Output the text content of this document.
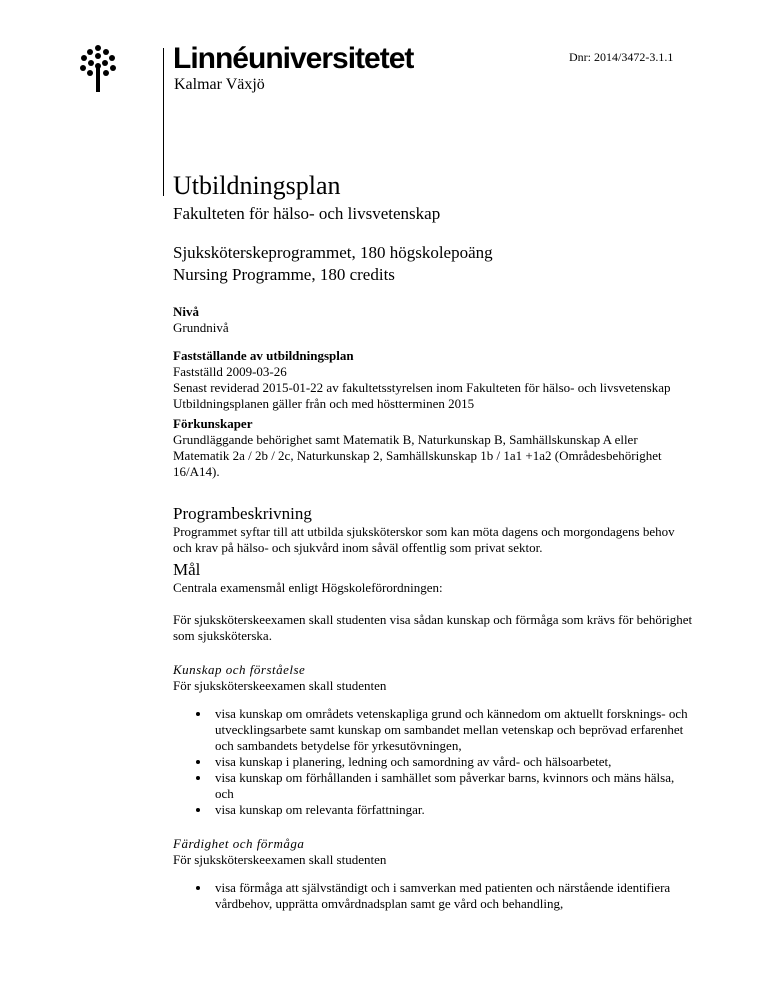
Linnéuniversitetet
Kalmar Växjö
Dnr: 2014/3472-3.1.1
Utbildningsplan
Fakulteten för hälso- och livsvetenskap
Sjuksköterskeprogrammet, 180 högskolepoäng
Nursing Programme, 180 credits
Nivå
Grundnivå
Fastställande av utbildningsplan
Fastställd 2009-03-26
Senast reviderad 2015-01-22 av fakultetsstyrelsen inom Fakulteten för hälso- och livsvetenskap
Utbildningsplanen gäller från och med höstterminen 2015
Förkunskaper
Grundläggande behörighet samt Matematik B, Naturkunskap B, Samhällskunskap A eller Matematik 2a / 2b / 2c, Naturkunskap 2, Samhällskunskap 1b / 1a1 +1a2 (Områdesbehörighet 16/A14).
Programbeskrivning
Programmet syftar till att utbilda sjuksköterskor som kan möta dagens och morgondagens behov och krav på hälso- och sjukvård inom såväl offentlig som privat sektor.
Mål
Centrala examensmål enligt Högskoleförordningen:
För sjuksköterskeexamen skall studenten visa sådan kunskap och förmåga som krävs för behörighet som sjuksköterska.
Kunskap och förståelse
För sjuksköterskeexamen skall studenten
• visa kunskap om områdets vetenskapliga grund och kännedom om aktuellt forsknings- och utvecklingsarbete samt kunskap om sambandet mellan vetenskap och beprövad erfarenhet och sambandets betydelse för yrkesutövningen,
• visa kunskap i planering, ledning och samordning av vård- och hälsoarbetet,
• visa kunskap om förhållanden i samhället som påverkar barns, kvinnors och mäns hälsa, och
• visa kunskap om relevanta författningar.
Färdighet och förmåga
För sjuksköterskeexamen skall studenten
• visa förmåga att självständigt och i samverkan med patienten och närstående identifiera vårdbehov, upprätta omvårdnadsplan samt ge vård och behandling,
